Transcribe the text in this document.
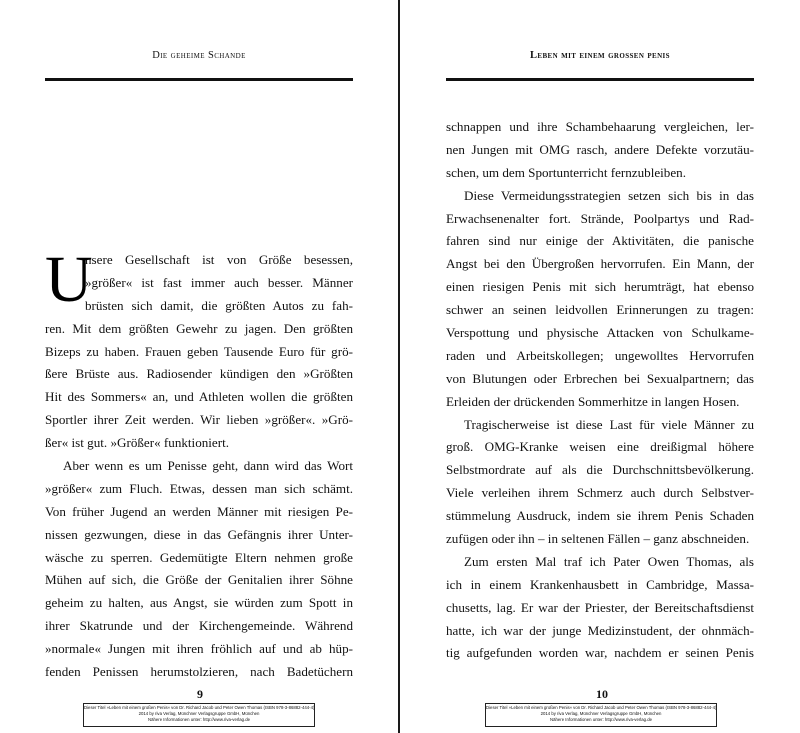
Die geheime Schande
U
nsere Gesellschaft ist von Größe besessen,
»größer« ist fast immer auch besser. Männer
brüsten sich damit, die größten Autos zu fah-
ren. Mit dem größten Gewehr zu jagen. Den größten
Bizeps zu haben. Frauen geben Tausende Euro für grö-
ßere Brüste aus. Radiosender kündigen den »Größten
Hit des Sommers« an, und Athleten wollen die größten
Sportler ihrer Zeit werden. Wir lieben »größer«. »Grö-
ßer« ist gut. »Größer« funktioniert.
Aber wenn es um Penisse geht, dann wird das Wort
»größer« zum Fluch. Etwas, dessen man sich schämt.
Von früher Jugend an werden Männer mit riesigen Pe-
nissen gezwungen, diese in das Gefängnis ihrer Unter-
wäsche zu sperren. Gedemütigte Eltern nehmen große
Mühen auf sich, die Größe der Genitalien ihrer Söhne
geheim zu halten, aus Angst, sie würden zum Spott in
ihrer Skatrunde und der Kirchengemeinde. Während
»normale« Jungen mit ihren fröhlich auf und ab hüp-
fenden Penissen herumstolzieren, nach Badetüchern
9
Dieser Titel »Leben mit einem großen Penis« von Dr. Richard Jacob und Peter Owen Thomas (ISBN 978-3-86882-444-4)
2014 by riva Verlag, Münchner Verlagsgruppe GmbH, München
Nähere Informationen unter: http://www.riva-verlag.de
Leben mit einem grossen penis
schnappen und ihre Schambehaarung vergleichen, ler-
nen Jungen mit OMG rasch, andere Defekte vorzutäu-
schen, um dem Sportunterricht fernzubleiben.
Diese Vermeidungsstrategien setzen sich bis in das
Erwachsenenalter fort. Strände, Poolpartys und Rad-
fahren sind nur einige der Aktivitäten, die panische
Angst bei den Übergroßen hervorrufen. Ein Mann, der
einen riesigen Penis mit sich herumträgt, hat ebenso
schwer an seinen leidvollen Erinnerungen zu tragen:
Verspottung und physische Attacken von Schulkame-
raden und Arbeitskollegen; ungewolltes Hervorrufen
von Blutungen oder Erbrechen bei Sexualpartnern; das
Erleiden der drückenden Sommerhitze in langen Hosen.
Tragischerweise ist diese Last für viele Männer zu
groß. OMG-Kranke weisen eine dreißigmal höhere
Selbstmordrate auf als die Durchschnittsbevölkerung.
Viele verleihen ihrem Schmerz auch durch Selbstver-
stümmelung Ausdruck, indem sie ihrem Penis Schaden
zufügen oder ihn – in seltenen Fällen – ganz abschneiden.
Zum ersten Mal traf ich Pater Owen Thomas, als
ich in einem Krankenhausbett in Cambridge, Massa-
chusetts, lag. Er war der Priester, der Bereitschaftsdienst
hatte, ich war der junge Medizinstudent, der ohnmäch-
tig aufgefunden worden war, nachdem er seinen Penis
10
Dieser Titel »Leben mit einem großen Penis« von Dr. Richard Jacob und Peter Owen Thomas (ISBN 978-3-86882-444-4)
2014 by riva Verlag, Münchner Verlagsgruppe GmbH, München
Nähere Informationen unter: http://www.riva-verlag.de
